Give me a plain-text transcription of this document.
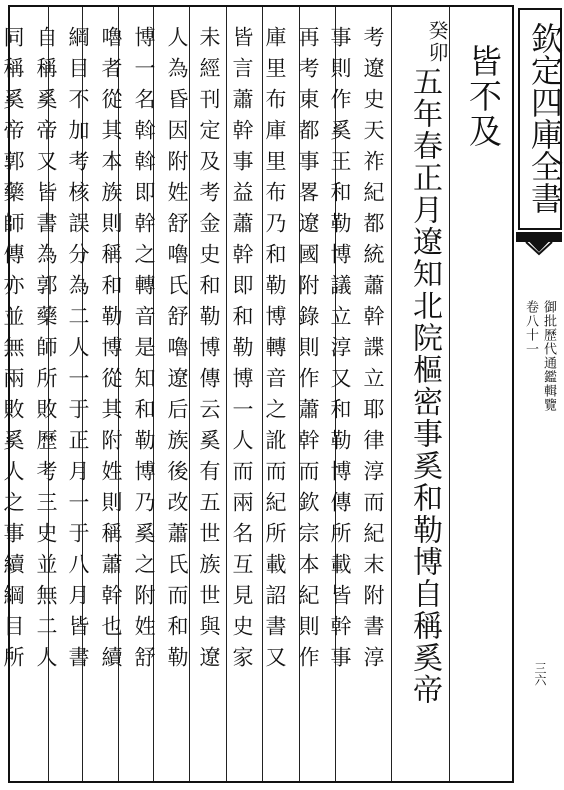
皆不及
五年春正月遼知北院樞密事奚和勒博自稱奚帝
考遼史天祚紀都統蕭幹諜立耶律淳而紀末附書淳
事則作奚王和勒博議立淳又和勒博傳所載皆幹事
再考東都事畧遼國附錄則作蕭幹而欽宗本紀則作
庫里布庫里布乃和勒博轉音之訛而紀所載詔書又
皆言蕭幹事益蕭幹即和勒博一人而兩名互見史家
未經刊定及考金史和勒博傳云奚有五世族世與遼
人為昏因附姓舒嚕氏舒嚕遼后族後改蕭氏而和勒
博一名斡斡即幹之轉音是知和勒博乃奚之附姓舒
嚕者從其本族則稱和勒博從其附姓則稱蕭幹也續
綱目不加考核誤分為二人一于正月一于八月皆書
自稱奚帝又皆書為郭藥師所敗歷考三史並無二人
同稱奚帝郭藥師傳亦並無兩敗奚人之事續綱目所	癸卯 欽定四庫全書
御批歷代通鑑輯覽
卷八十一
三六
